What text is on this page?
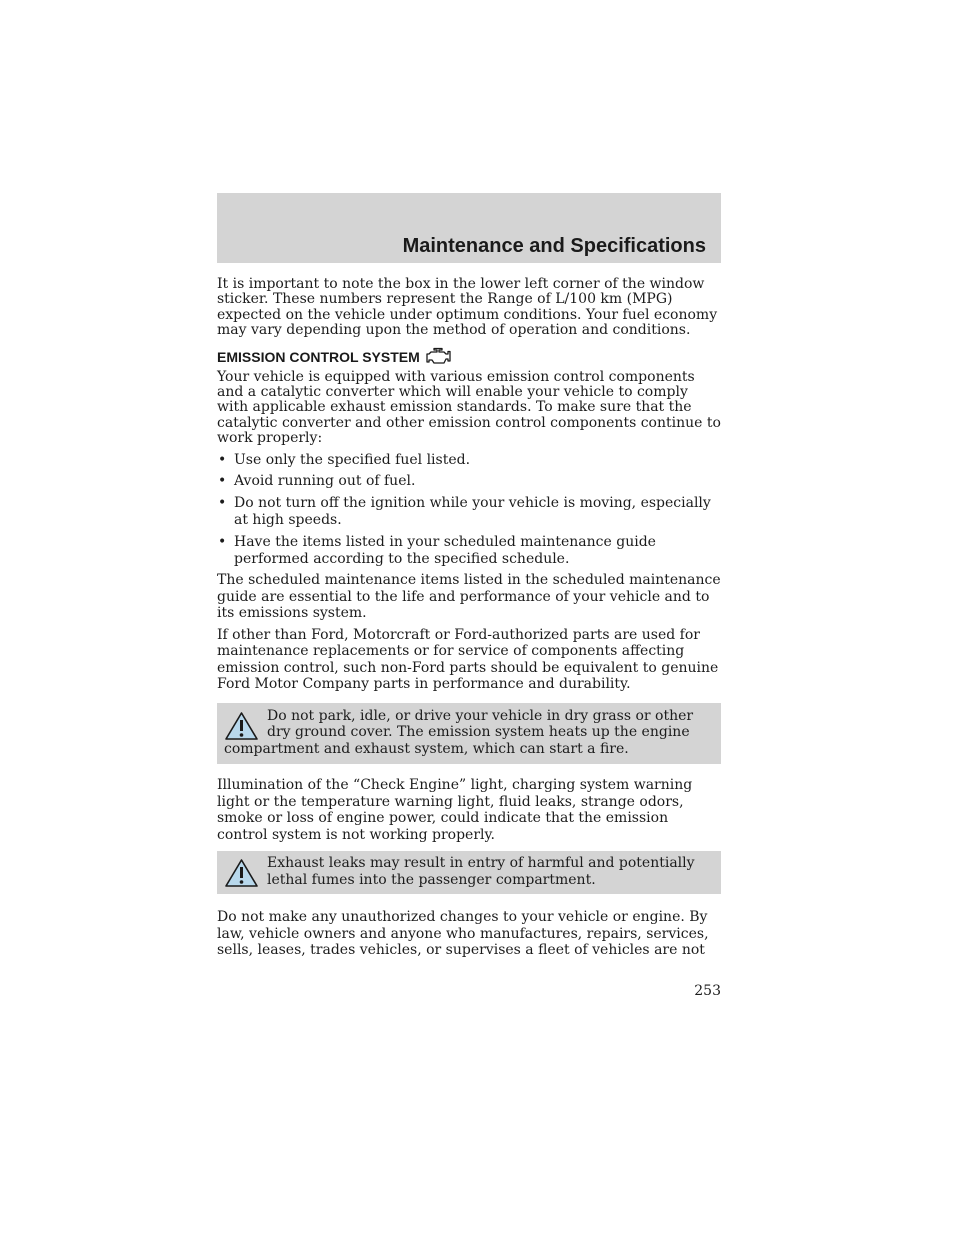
Maintenance and Specifications

It is important to note the box in the lower left corner of the window sticker. These numbers represent the Range of L/100 km (MPG) expected on the vehicle under optimum conditions. Your fuel economy may vary depending upon the method of operation and conditions.

EMISSION CONTROL SYSTEM

Your vehicle is equipped with various emission control components and a catalytic converter which will enable your vehicle to comply with applicable exhaust emission standards. To make sure that the catalytic converter and other emission control components continue to work properly:

• Use only the specified fuel listed.
• Avoid running out of fuel.
• Do not turn off the ignition while your vehicle is moving, especially at high speeds.
• Have the items listed in your scheduled maintenance guide performed according to the specified schedule.

The scheduled maintenance items listed in the scheduled maintenance guide are essential to the life and performance of your vehicle and to its emissions system.

If other than Ford, Motorcraft or Ford-authorized parts are used for maintenance replacements or for service of components affecting emission control, such non-Ford parts should be equivalent to genuine Ford Motor Company parts in performance and durability.

Do not park, idle, or drive your vehicle in dry grass or other dry ground cover. The emission system heats up the engine compartment and exhaust system, which can start a fire.

Illumination of the “Check Engine” light, charging system warning light or the temperature warning light, fluid leaks, strange odors, smoke or loss of engine power, could indicate that the emission control system is not working properly.

Exhaust leaks may result in entry of harmful and potentially lethal fumes into the passenger compartment.

Do not make any unauthorized changes to your vehicle or engine. By law, vehicle owners and anyone who manufactures, repairs, services, sells, leases, trades vehicles, or supervises a fleet of vehicles are not

253
